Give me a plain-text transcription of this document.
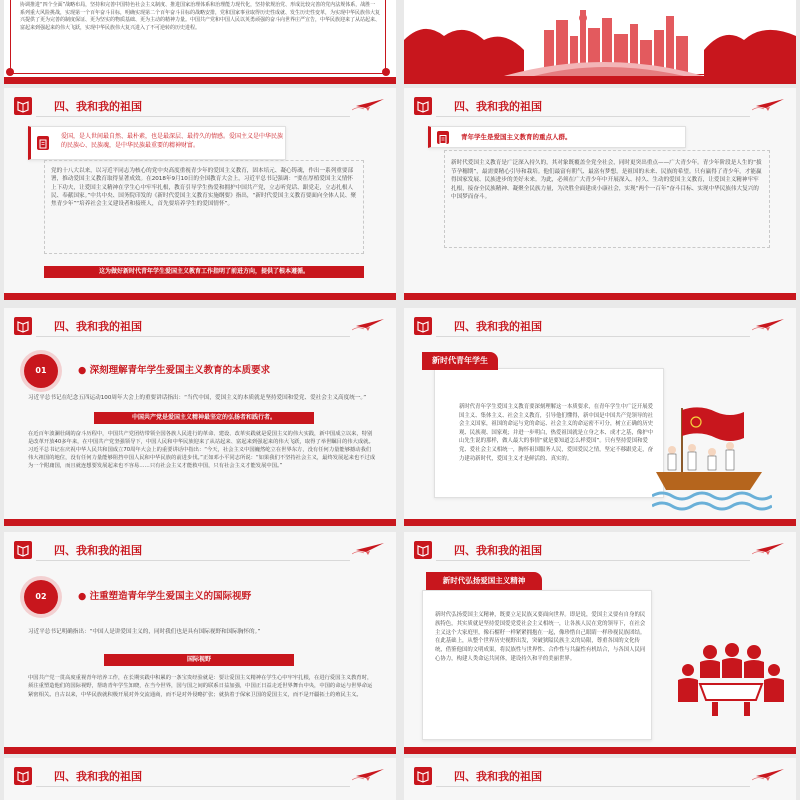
协调推进“四个全面”战略布局，坚持和完善中国特色社会主义制度、推进国家治理体系和治理能力现代化，坚持依规治党、形成比较完善的党内法规体系，战胜一系列重大风险挑战，实现第一个百年奋斗目标，明确实现第二个百年奋斗目标的战略安排，党和国家事业取得历史性成就、发生历史性变革，为实现中华民族伟大复兴提供了更为完善的制度保证、更为坚实的物质基础、更为主动的精神力量。中国共产党和中国人民以英勇顽强的奋斗向世界庄严宣告，中华民族迎来了从站起来、富起来到强起来的伟大飞跃，实现中华民族伟大复兴进入了不可逆转的历史进程。
四、我和我的祖国
爱国，是人世间最自然、最朴素，也是最深层、最持久的情感。爱国主义是中华民族的民族心、民族魂，是中华民族最重要的精神财富。
党的十八大以来，以习近平同志为核心的党中央高度重视青少年的爱国主义教育，固本培元、凝心铸魂，作出一系列重要部署，推动爱国主义教育取得显著成效。在2018年9月10日的全国教育大会上，习近平总书记强调：“要在厚植爱国主义情怀上下功夫，让爱国主义精神在学生心中牢牢扎根，教育引导学生热爱和拥护中国共产党，立志听党话、跟党走，立志扎根人民、奉献国家。”中共中央、国务院印发的《新时代爱国主义教育实施纲要》指出，“新时代爱国主义教育要面向全体人民、聚焦青少年”“培养社会主义建设者和接班人，首先要培养学生的爱国情怀”。
这为做好新时代青年学生爱国主义教育工作指明了前进方向，提供了根本遵循。
四、我和我的祖国
青年学生是爱国主义教育的重点人群。
新时代爱国主义教育是广泛深入持久的，其对象既覆盖全党全社会，同时更突出重点——广大青少年。青少年阶段是人生的“拔节孕穗期”，最需要精心引导和栽培。他们最富有朝气、最富有梦想，是祖国的未来、民族的希望。只有赢得了青少年，才能赢得国家发展、民族进步的美好未来。为此，必须在广大青少年中开展深入、持久、生动的爱国主义教育，让爱国主义精神牢牢扎根，接奋全民族精神、凝聚全民族力量，为决胜全面建成小康社会，实现“两个一百年”奋斗目标、实现中华民族伟大复兴的中国梦而奋斗。
四、我和我的祖国
01	● 深刻理解青年学生爱国主义教育的本质要求
习近平总书记在纪念五四运动100周年大会上的重要讲话指出：“当代中国，爱国主义的本质就是坚持爱国和爱党、爱社会主义高度统一。”
中国共产党是爱国主义精神最坚定的弘扬者和践行者。
在近百年波澜壮阔的奋斗历程中，中国共产党团结带领全国各族人民进行的革命、建设、改革实践就是爱国主义的伟大实践，新中国成立以来，特别是改革开放40多年来，在中国共产党坚强领导下，中国人民和中华民族迎来了从站起来、富起来到强起来的伟大飞跃，取得了举世瞩目的伟大成就。习近平总书记在庆祝中华人民共和国成立70周年大会上的重要讲话中指出：“今天，社会主义中国巍然屹立在世界东方，没有任何力量能够撼动我们伟大祖国的地位，没有任何力量能够阻挡中国人民和中华民族的前进步伐。”正如邓小平同志所说：“如果我们不坚持社会主义，最终发展起来也不过成为一个附庸国，而且就连想要发展起来也不容易……只有社会主义才能救中国，只有社会主义才能发展中国。”
四、我和我的祖国
新时代青年学生爱国主义教育要深刻理解这一本质要求，在青年学生中广泛开展爱国主义、集体主义、社会主义教育，引导他们懂得，新中国是中国共产党领导的社会主义国家，祖国的命运与党的命运、社会主义的命运密不可分，树立正确的历史观、民族观、国家观；并进一步明白，热爱祖国就是立身之本、成才之基，像护中山先生说的那样，做人最大的事情“就是要知道怎么样爱国”。只有坚持爱国和爱党、爱社会主义相统一，胸怀祖国服务人民，爱国爱民之情，坚定不移跟党走，奋力建功新时代，爱国主义才是鲜活的、真实的。
新时代青年学生
四、我和我的祖国
02	● 注重塑造青年学生爱国主义的国际视野
习近平总书记明确指出：“中国人是讲爱国主义的，同时我们也是具有国际视野和国际胸怀的。”
国际视野
中国共产党一贯高度重视青年培养工作，在长期实践中积累的一条宝贵经验就是：要让爱国主义精神在学生心中牢牢扎根，在进行爱国主义教育时，须注重塑造他们的国际视野，帮助青年学生知晓，在当今世界，国与国之间的联系日益加强，中国正日益走近世界舞台中央，中国的命运与世界命运紧密相关。自古以来，中华民族就积极开展对外交流通商，而不是对外侵略扩张；就执着于保家卫国的爱国主义，而不是开疆拓土的殖民主义。
四、我和我的祖国
新时代弘扬爱国主义精神，既要立足民族又要面向世界。即是说，爱国主义要有自身的民族特色，其实质就是坚持爱国爱党爱社会主义相统一，让各族人民在党的领导下，在社会主义这个大家庭里，像石榴籽一样紧紧拥抱在一起，像珍惜自己眼睛一样珍视民族团结。在此基础上，从整个世界历史视野出发，突破狭隘民族主义的局限，尊重各国的文化传统，借鉴他国的文明成果，将民族性与世界性、合作性与共赢性有机结合，与各国人民同心协力，构建人类命运共同体，建设持久和平的美丽世界。
新时代弘扬爱国主义精神
四、我和我的祖国	四、我和我的祖国
